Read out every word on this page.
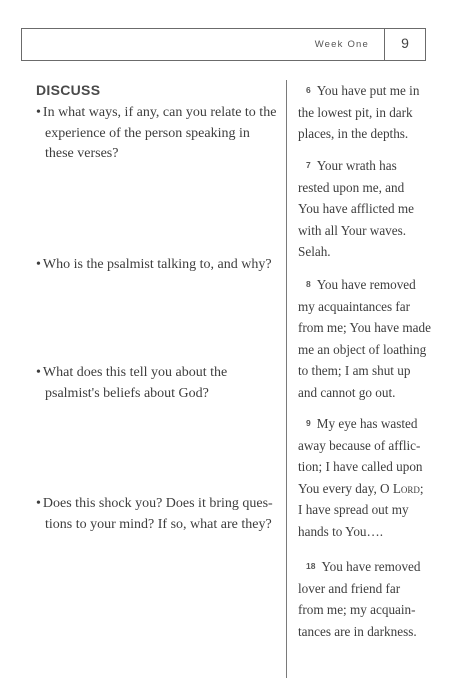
Week One	9
DISCUSS
• In what ways, if any, can you relate to the
experience of the person speaking in
these verses?
• Who is the psalmist talking to, and why?
• What does this tell you about the
psalmist's beliefs about God?
• Does this shock you? Does it bring ques-
tions to your mind? If so, what are they?
6 You have put me in
the lowest pit, in dark
places, in the depths.
7 Your wrath has
rested upon me, and
You have afflicted me
with all Your waves.
Selah.
8 You have removed
my acquaintances far
from me; You have made
me an object of loathing
to them; I am shut up
and cannot go out.
9 My eye has wasted
away because of afflic-
tion; I have called upon
You every day, O Lord;
I have spread out my
hands to You….
18 You have removed
lover and friend far
from me; my acquain-
tances are in darkness.
